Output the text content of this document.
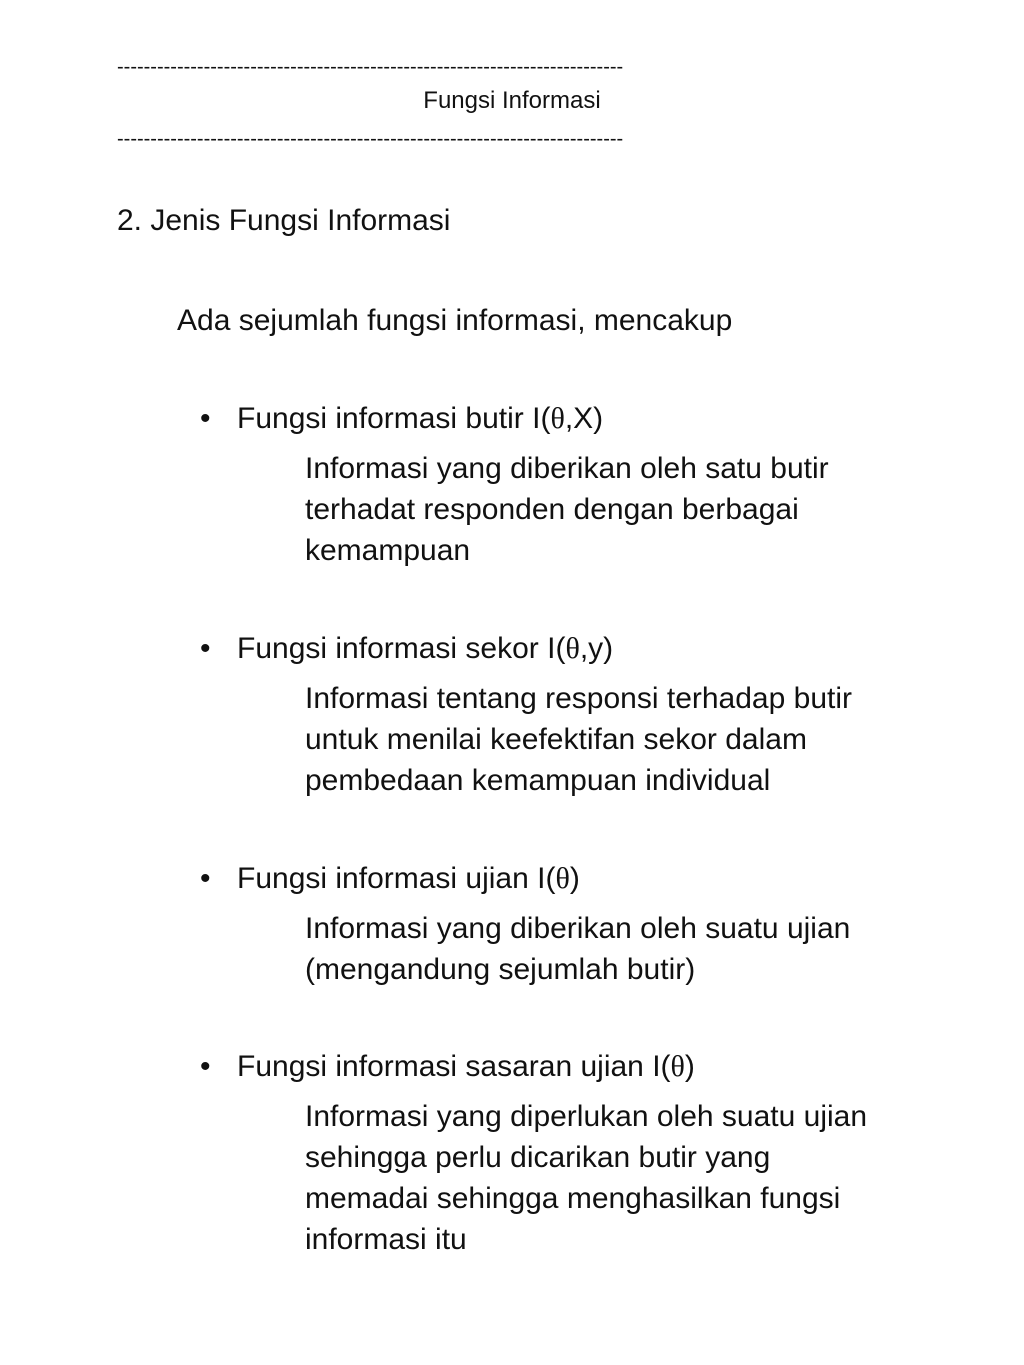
----------------------------------------------------------------------------
Fungsi Informasi
----------------------------------------------------------------------------
2. Jenis Fungsi Informasi
Ada sejumlah fungsi informasi, mencakup
• Fungsi informasi butir I(θ,X)
Informasi yang diberikan oleh satu butir
terhadat responden dengan berbagai
kemampuan
• Fungsi informasi sekor I(θ,y)
Informasi tentang responsi terhadap butir
untuk menilai keefektifan sekor dalam
pembedaan kemampuan individual
• Fungsi informasi ujian I(θ)
Informasi yang diberikan oleh suatu ujian
(mengandung sejumlah butir)
• Fungsi informasi sasaran ujian I(θ)
Informasi yang diperlukan oleh suatu ujian
sehingga perlu dicarikan butir yang
memadai sehingga menghasilkan fungsi
informasi itu
